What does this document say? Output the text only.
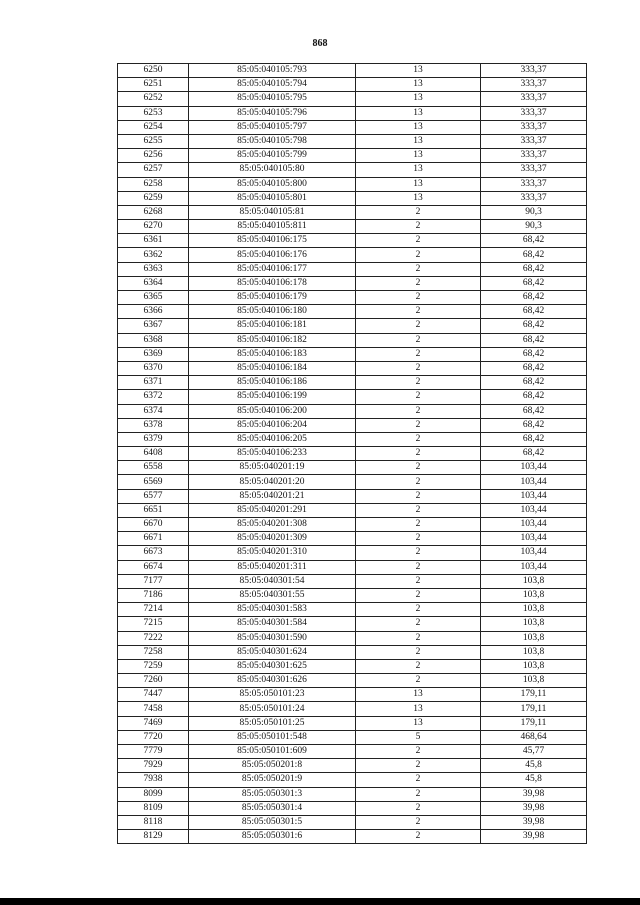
868
6250	85:05:040105:793	13	333,37
6251	85:05:040105:794	13	333,37
6252	85:05:040105:795	13	333,37
6253	85:05:040105:796	13	333,37
6254	85:05:040105:797	13	333,37
6255	85:05:040105:798	13	333,37
6256	85:05:040105:799	13	333,37
6257	85:05:040105:80	13	333,37
6258	85:05:040105:800	13	333,37
6259	85:05:040105:801	13	333,37
6268	85:05:040105:81	2	90,3
6270	85:05:040105:811	2	90,3
6361	85:05:040106:175	2	68,42
6362	85:05:040106:176	2	68,42
6363	85:05:040106:177	2	68,42
6364	85:05:040106:178	2	68,42
6365	85:05:040106:179	2	68,42
6366	85:05:040106:180	2	68,42
6367	85:05:040106:181	2	68,42
6368	85:05:040106:182	2	68,42
6369	85:05:040106:183	2	68,42
6370	85:05:040106:184	2	68,42
6371	85:05:040106:186	2	68,42
6372	85:05:040106:199	2	68,42
6374	85:05:040106:200	2	68,42
6378	85:05:040106:204	2	68,42
6379	85:05:040106:205	2	68,42
6408	85:05:040106:233	2	68,42
6558	85:05:040201:19	2	103,44
6569	85:05:040201:20	2	103,44
6577	85:05:040201:21	2	103,44
6651	85:05:040201:291	2	103,44
6670	85:05:040201:308	2	103,44
6671	85:05:040201:309	2	103,44
6673	85:05:040201:310	2	103,44
6674	85:05:040201:311	2	103,44
7177	85:05:040301:54	2	103,8
7186	85:05:040301:55	2	103,8
7214	85:05:040301:583	2	103,8
7215	85:05:040301:584	2	103,8
7222	85:05:040301:590	2	103,8
7258	85:05:040301:624	2	103,8
7259	85:05:040301:625	2	103,8
7260	85:05:040301:626	2	103,8
7447	85:05:050101:23	13	179,11
7458	85:05:050101:24	13	179,11
7469	85:05:050101:25	13	179,11
7720	85:05:050101:548	5	468,64
7779	85:05:050101:609	2	45,77
7929	85:05:050201:8	2	45,8
7938	85:05:050201:9	2	45,8
8099	85:05:050301:3	2	39,98
8109	85:05:050301:4	2	39,98
8118	85:05:050301:5	2	39,98
8129	85:05:050301:6	2	39,98
